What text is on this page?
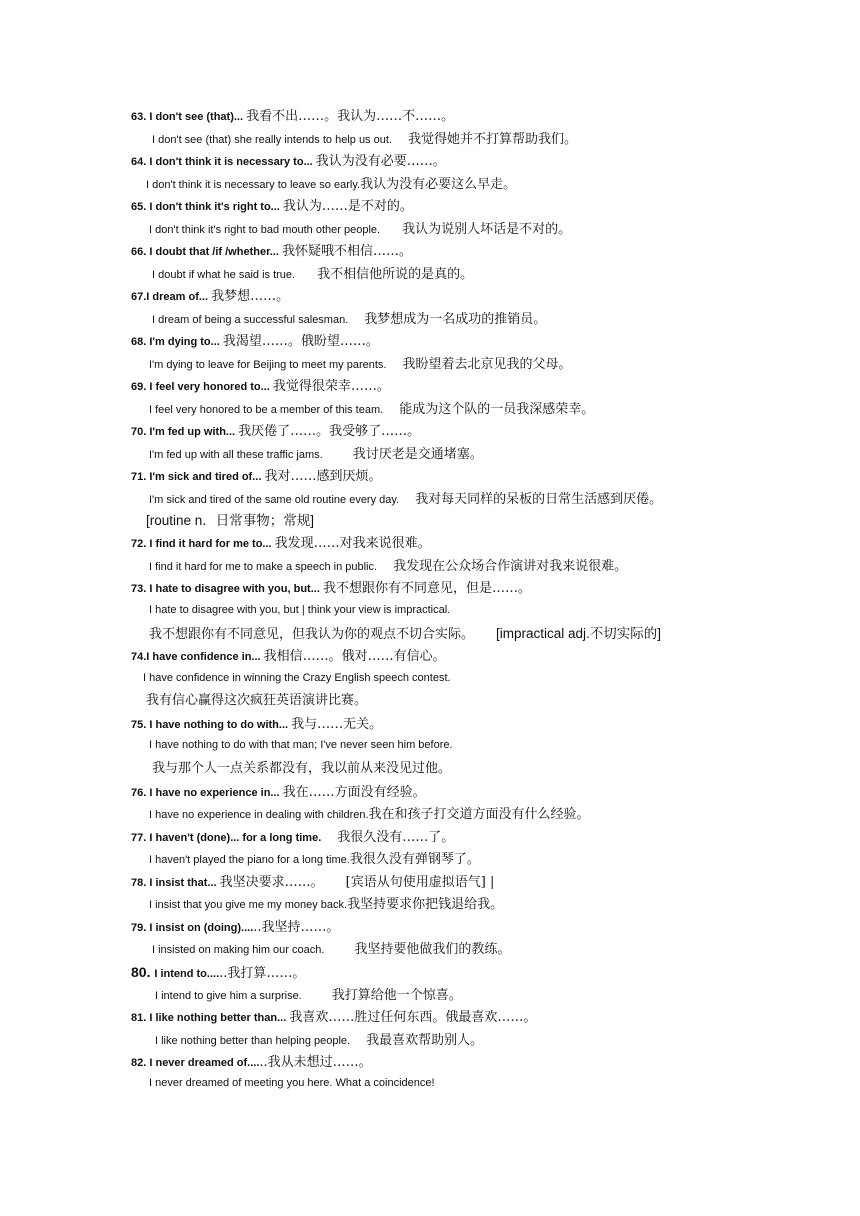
63. I don't see (that)... 我看不出……。我认为……不……。
I don't see (that) she really intends to help us out. 我觉得她并不打算帮助我们。
64. I don't think it is necessary to... 我认为没有必要……。
I don't think it is necessary to leave so early.我认为没有必要这么早走。
65. I don't think it's right to... 我认为……是不对的。
I don't think it's right to bad mouth other people. 我认为说别人坏话是不对的。
66. I doubt that /if /whether... 我怀疑哦不相信……。
I doubt if what he said is true. 我不相信他所说的是真的。
67.I dream of... 我梦想……。
I dream of being a successful salesman. 我梦想成为一名成功的推销员。
68. I'm dying to... 我渴望……。俄盼望……。
I'm dying to leave for Beijing to meet my parents. 我盼望着去北京见我的父母。
69. I feel very honored to... 我觉得很荣幸……。
I feel very honored to be a member of this team. 能成为这个队的一员我深感荣幸。
70. I'm fed up with... 我厌倦了……。我受够了……。
I'm fed up with all these traffic jams. 我讨厌老是交通堵塞。
71. I'm sick and tired of... 我对……感到厌烦。
I'm sick and tired of the same old routine every day. 我对每天同样的呆板的日常生活感到厌倦。
[routine n．日常事物；常规]
72. I find it hard for me to... 我发现……对我来说很难。
I find it hard for me to make a speech in public. 我发现在公众场合作演讲对我来说很难。
73. I hate to disagree with you, but... 我不想跟你有不同意见，但是……。
I hate to disagree with you, but | think your view is impractical.
我不想跟你有不同意见，但我认为你的观点不切合实际。 [impractical adj.不切实际的]
74.I have confidence in... 我相信……。俄对……有信心。
I have confidence in winning the Crazy English speech contest.
我有信心赢得这次疯狂英语演讲比赛。
75. I have nothing to do with... 我与……无关。
I have nothing to do with that man; I've never seen him before.
我与那个人一点关系都没有，我以前从来没见过他。
76. I have no experience in... 我在……方面没有经验。
I have no experience in dealing with children.我在和孩子打交道方面没有什么经验。
77. I haven't (done)... for a long time. 我很久没有……了。
I haven't played the piano for a long time.我很久没有弹钢琴了。
78. I insist that... 我坚决要求……。 [宾语从句使用虚拟语气] |
I insist that you give me my money back.我坚持要求你把钱退给我。
79. I insist on (doing)......我坚持……。
I insisted on making him our coach. 我坚持要他做我们的教练。
80. I intend to......我打算……。
I intend to give him a surprise. 我打算给他一个惊喜。
81. I like nothing better than... 我喜欢……胜过任何东西。俄最喜欢……。
I like nothing better than helping people. 我最喜欢帮助别人。
82. I never dreamed of......我从未想过……。
I never dreamed of meeting you here. What a coincidence!
